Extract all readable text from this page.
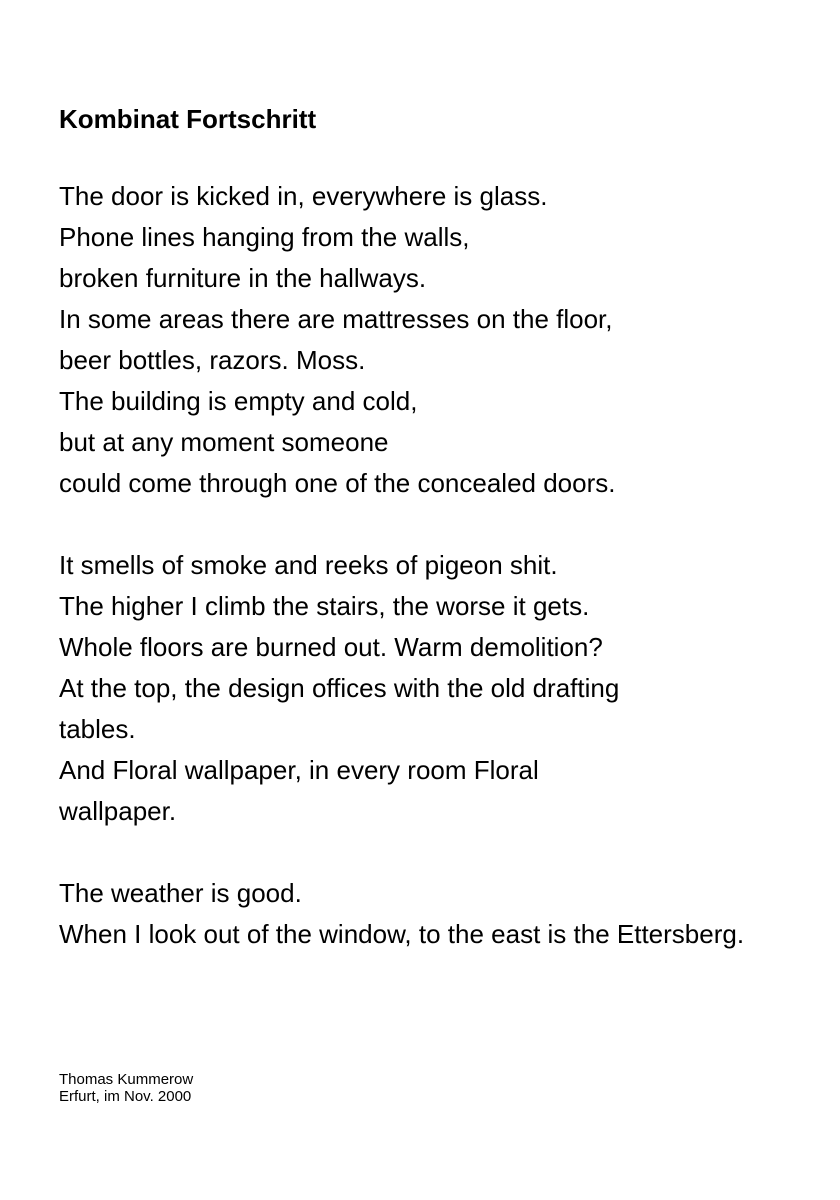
Kombinat Fortschritt
The door is kicked in, everywhere is glass.
Phone lines hanging from the walls,
broken furniture in the hallways.
In some areas there are mattresses on the floor,
beer bottles, razors. Moss.
The building is empty and cold,
but at any moment someone
could come through one of the concealed doors.
It smells of smoke and reeks of pigeon shit.
The higher I climb the stairs, the worse it gets.
Whole floors are burned out. Warm demolition?
At the top, the design offices with the old drafting
tables.
And Floral wallpaper, in every room Floral
wallpaper.
The weather is good.
When I look out of the window, to the east is the Ettersberg.
Thomas Kummerow
Erfurt, im Nov. 2000
